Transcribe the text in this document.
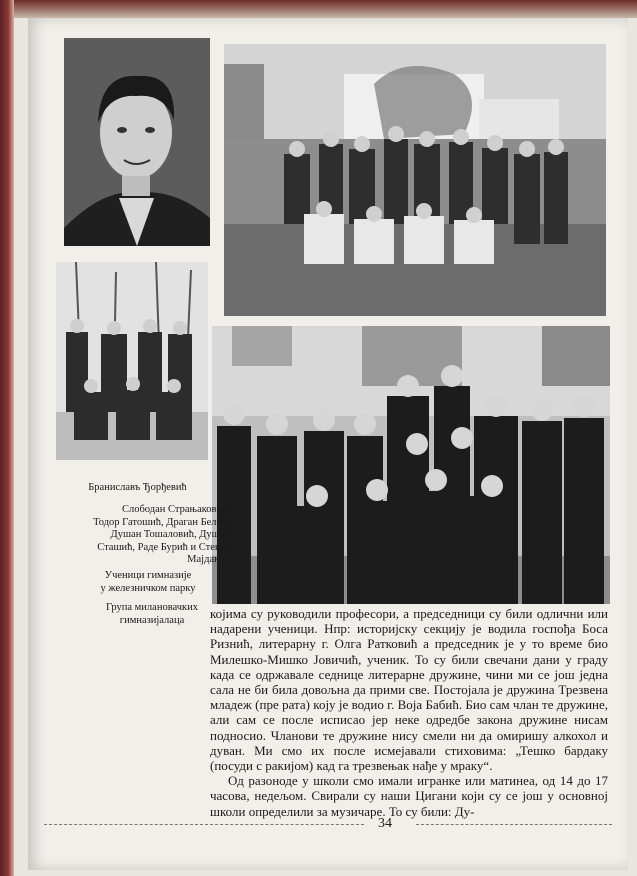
Браниславъ Ђорђевић
Слободан Страњаковић,
Тодор Гатошић, Драган Белић,
Душан Тошаловић, Душан
Сташић, Раде Бурић и Стеван
Мајданац
Ученици гимназије
у железничком парку
Група милановачких
гимназијалаца	којима су руководили професори, а председници су били одлични или надарени ученици. Нпр: историјску секцију је водила госпођа Боса Ризнић, литерарну г. Олга Ратковић а председник је у то време био Милешко-Мишко Јовичић, ученик. То су били свечани дани у граду када се одржавале седнице литерарне дружине, чини ми се још једна сала не би била довољна да прими све. Постојала је дружина Трезвена младеж (пре рата) коју је водио г. Воја Бабић. Био сам члан те дружине, али сам се после исписао јер неке одредбе закона дружине нисам подносио. Чланови те дружине нису смели ни да омиришу алкохол и дуван. Ми смо их после исмејавали стиховима: „Тешко бардаку (посуди с ракијом) кад га трезвењак нађе у мраку“.

Од разоноде у школи смо имали игранке или матинеа, од 14 до 17 часова, недељом. Свирали су наши Цигани који су се још у основној школи определили за музичаре. То су били: Ду-

34
